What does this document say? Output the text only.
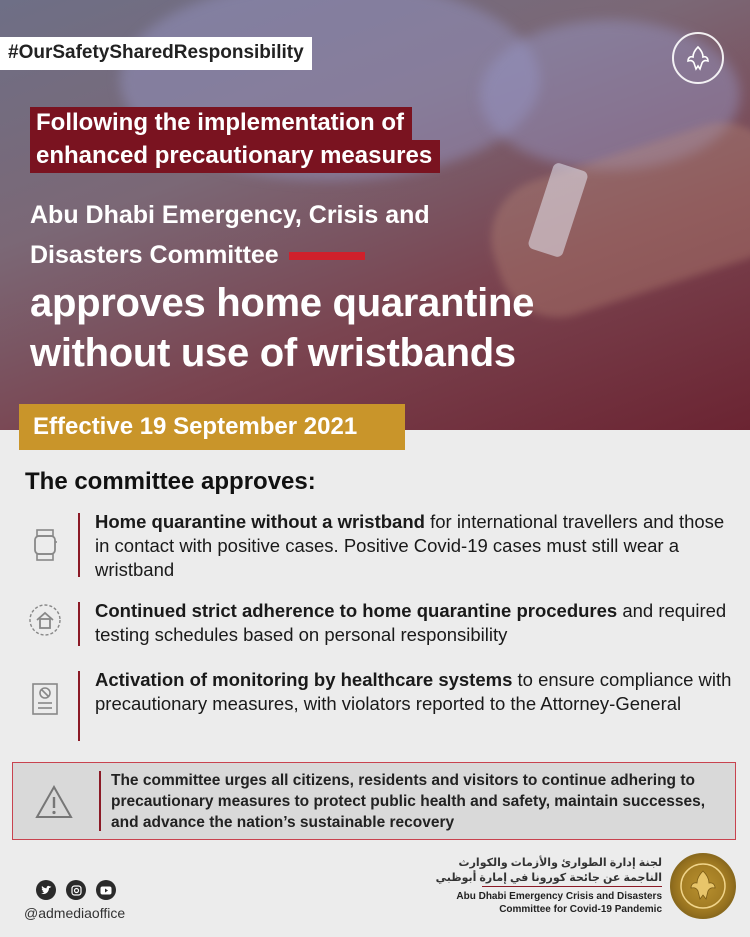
#OurSafetySharedResponsibility
Following the implementation of
enhanced precautionary measures
Abu Dhabi Emergency, Crisis and
Disasters Committee
approves home quarantine
without use of wristbands
Effective 19 September 2021
The committee approves:
Home quarantine without a wristband for international travellers and those in contact with positive cases. Positive Covid-19 cases must still wear a wristband
Continued strict adherence to home quarantine procedures and required testing schedules based on personal responsibility
Activation of monitoring by healthcare systems to ensure compliance with precautionary measures, with violators reported to the Attorney-General
The committee urges all citizens, residents and visitors to continue adhering to precautionary measures to protect public health and safety, maintain successes, and advance the nation’s sustainable recovery
@admediaoffice
لجنة إدارة الطوارئ والأزمات والكوارث
الناجمة عن جائحة كورونا في إمارة أبوظبي
Abu Dhabi Emergency Crisis and Disasters
Committee for Covid-19 Pandemic
